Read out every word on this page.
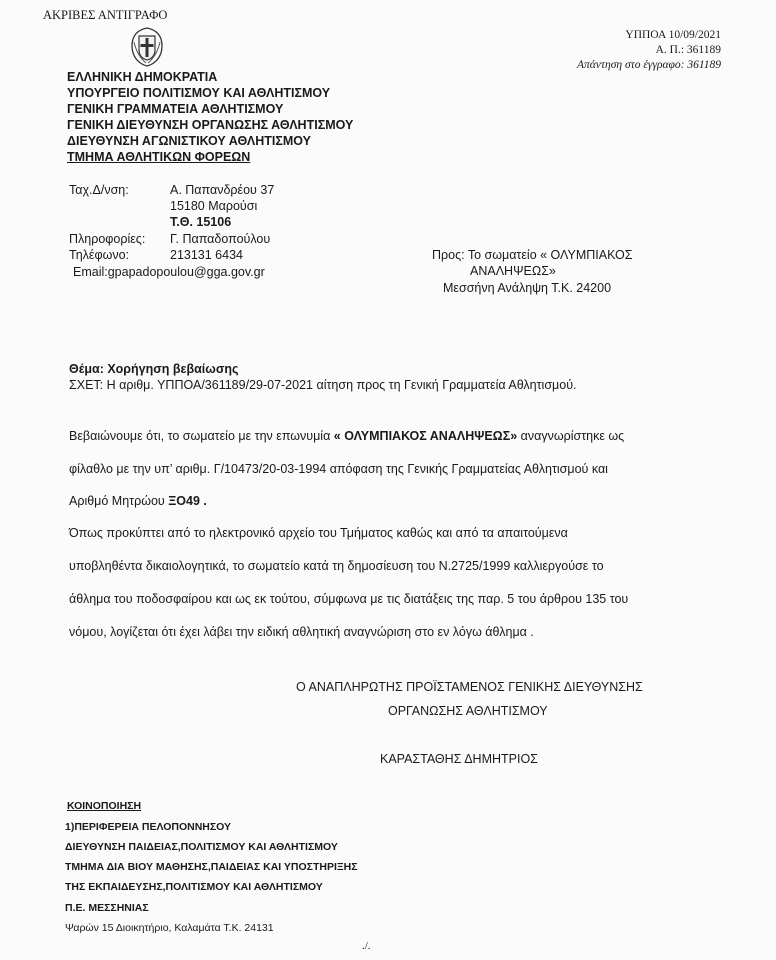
ΑΚΡΙΒΕΣ ΑΝΤΙΓΡΑΦΟ
ΥΠΠΟΑ 10/09/2021
Α. Π.: 361189
Απάντηση στο έγγραφο: 361189
ΕΛΛΗΝΙΚΗ ΔΗΜΟΚΡΑΤΙΑ
ΥΠΟΥΡΓΕΙΟ ΠΟΛΙΤΙΣΜΟΥ ΚΑΙ ΑΘΛΗΤΙΣΜΟΥ
ΓΕΝΙΚΗ ΓΡΑΜΜΑΤΕΙΑ ΑΘΛΗΤΙΣΜΟΥ
ΓΕΝΙΚΗ ΔΙΕΥΘΥΝΣΗ ΟΡΓΑΝΩΣΗΣ ΑΘΛΗΤΙΣΜΟΥ
ΔΙΕΥΘΥΝΣΗ ΑΓΩΝΙΣΤΙΚΟΥ ΑΘΛΗΤΙΣΜΟΥ
ΤΜΗΜΑ ΑΘΛΗΤΙΚΩΝ ΦΟΡΕΩΝ
Ταχ.Δ/νση:	Α. Παπανδρέου 37
15180 Μαρούσι
Τ.Θ. 15106
Πληροφορίες: Γ. Παπαδοπούλου
Τηλέφωνο:	213131 6434
Email:gpapadopoulou@gga.gov.gr
Προς: Το σωματείο « ΟΛΥΜΠΙΑΚΟΣ
ΑΝΑΛΗΨΕΩΣ»
Μεσσήνη Ανάληψη Τ.Κ. 24200
Θέμα: Χορήγηση βεβαίωσης
ΣΧΕΤ: Η αριθμ. ΥΠΠΟΑ/361189/29-07-2021 αίτηση προς τη Γενική Γραμματεία Αθλητισμού.
Βεβαιώνουμε ότι, το σωματείο με την επωνυμία « ΟΛΥΜΠΙΑΚΟΣ ΑΝΑΛΗΨΕΩΣ» αναγνωρίστηκε ως
φίλαθλο με την υπ’ αριθμ. Γ/10473/20-03-1994 απόφαση της Γενικής Γραμματείας Αθλητισμού και
Αριθμό Μητρώου ΞΟ49 .
Όπως προκύπτει από το ηλεκτρονικό αρχείο του Τμήματος καθώς και από τα απαιτούμενα
υποβληθέντα δικαιολογητικά, το σωματείο κατά τη δημοσίευση του Ν.2725/1999 καλλιεργούσε το
άθλημα του ποδοσφαίρου και ως εκ τούτου, σύμφωνα με τις διατάξεις της παρ. 5 του άρθρου 135 του
νόμου, λογίζεται ότι έχει λάβει την ειδική αθλητική αναγνώριση στο εν λόγω άθλημα .
Ο ΑΝΑΠΛΗΡΩΤΗΣ ΠΡΟΪΣΤΑΜΕΝΟΣ ΓΕΝΙΚΗΣ ΔΙΕΥΘΥΝΣΗΣ
ΟΡΓΑΝΩΣΗΣ ΑΘΛΗΤΙΣΜΟΥ
ΚΑΡΑΣΤΑΘΗΣ ΔΗΜΗΤΡΙΟΣ
ΚΟΙΝΟΠΟΙΗΣΗ
1)ΠΕΡΙΦΕΡΕΙΑ ΠΕΛΟΠΟΝΝΗΣΟΥ
ΔΙΕΥΘΥΝΣΗ ΠΑΙΔΕΙΑΣ,ΠΟΛΙΤΙΣΜΟΥ ΚΑΙ ΑΘΛΗΤΙΣΜΟΥ
ΤΜΗΜΑ ΔΙΑ ΒΙΟΥ ΜΑΘΗΣΗΣ,ΠΑΙΔΕΙΑΣ ΚΑΙ ΥΠΟΣΤΗΡΙΞΗΣ
ΤΗΣ ΕΚΠΑΙΔΕΥΣΗΣ,ΠΟΛΙΤΙΣΜΟΥ ΚΑΙ ΑΘΛΗΤΙΣΜΟΥ
Π.Ε. ΜΕΣΣΗΝΙΑΣ
Ψαρών 15 Διοικητήριο, Καλαμάτα Τ.Κ. 24131
./.
